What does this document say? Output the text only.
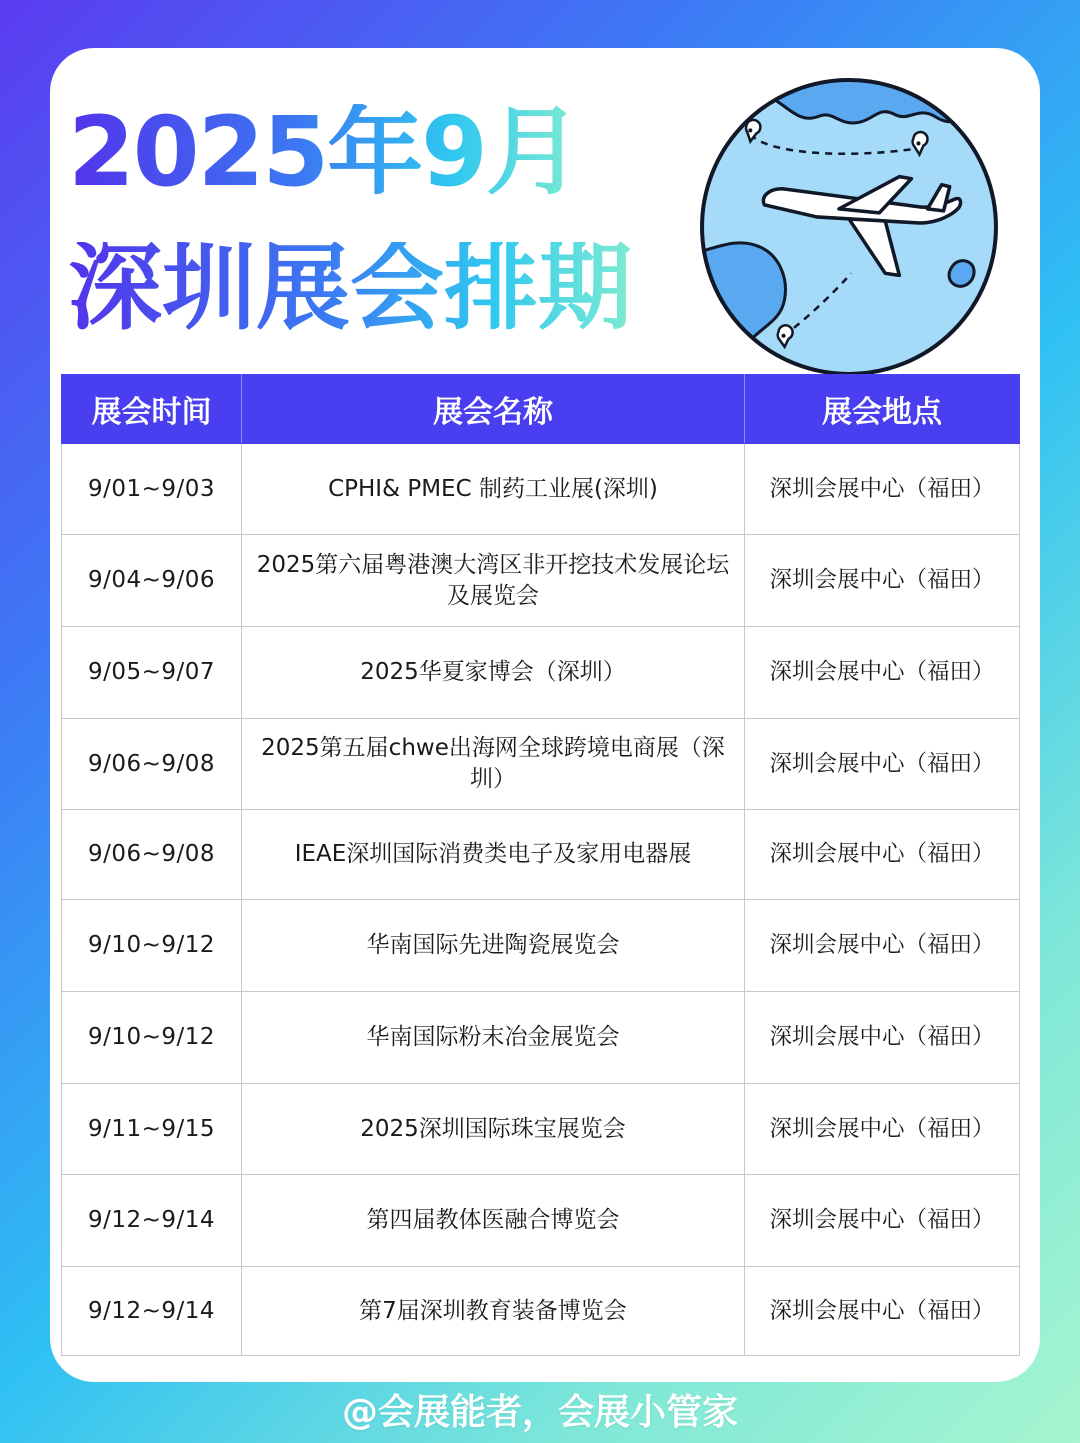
2025年9月
深圳展会排期
展会时间	展会名称	展会地点
9/01~9/03	CPHI& PMEC 制药工业展(深圳)	深圳会展中心（福田）
9/04~9/06	2025第六届粤港澳大湾区非开挖技术发展论坛及展览会	深圳会展中心（福田）
9/05~9/07	2025华夏家博会（深圳）	深圳会展中心（福田）
9/06~9/08	2025第五届chwe出海网全球跨境电商展（深圳）	深圳会展中心（福田）
9/06~9/08	IEAE深圳国际消费类电子及家用电器展	深圳会展中心（福田）
9/10~9/12	华南国际先进陶瓷展览会	深圳会展中心（福田）
9/10~9/12	华南国际粉末冶金展览会	深圳会展中心（福田）
9/11~9/15	2025深圳国际珠宝展览会	深圳会展中心（福田）
9/12~9/14	第四届教体医融合博览会	深圳会展中心（福田）
9/12~9/14	第7届深圳教育装备博览会	深圳会展中心（福田）
@会展能者，会展小管家
